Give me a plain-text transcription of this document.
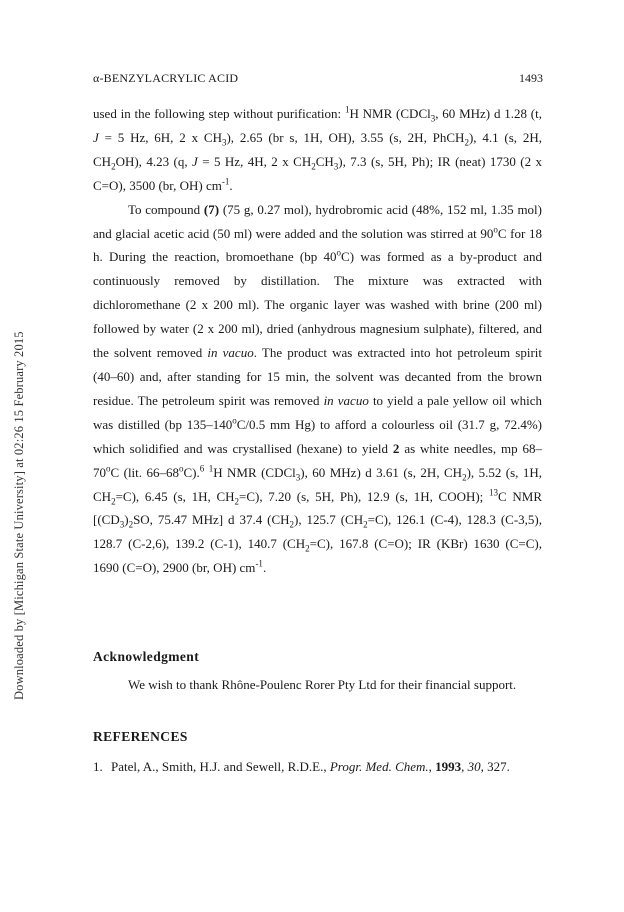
Downloaded by [Michigan State University] at 02:26 15 February 2015
α-BENZYLACRYLIC ACID	1493

used in the following step without purification: $^1$H NMR (CDCl$_3$, 60 MHz) d 1.28 (t, J = 5 Hz, 6H, 2 x $CH_3$), 2.65 (br s, 1H, OH), 3.55 (s, 2H, PhCH$_2$), 4.1 (s, 2H, $CH_2OH$), 4.23 (q, J = 5 Hz, 4H, 2 x $CH_2CH_3$), 7.3 (s, 5H, Ph); IR (neat) 1730 (2 x C=O), 3500 (br, OH) $cm^{-1}$.

To compound (7) (75 g, 0.27 mol), hydrobromic acid (48%, 152 ml, 1.35 mol) and glacial acetic acid (50 ml) were added and the solution was stirred at 90$^o$C for 18 h. During the reaction, bromoethane (bp 40$^o$C) was formed as a by-product and continuously removed by distillation. The mixture was extracted with dichloromethane (2 x 200 ml). The organic layer was washed with brine (200 ml) followed by water (2 x 200 ml), dried (anhydrous magnesium sulphate), filtered, and the solvent removed in vacuo. The product was extracted into hot petroleum spirit (40–60) and, after standing for 15 min, the solvent was decanted from the brown residue. The petroleum spirit was removed in vacuo to yield a pale yellow oil which was distilled (bp 135–140$^o$C/0.5 mm Hg) to afford a colourless oil (31.7 g, 72.4%) which solidified and was crystallised (hexane) to yield 2 as white needles, mp 68–70$^o$C (lit. 66–68$^o$C).$^6$ $^1$H NMR (CDCl$_3$), 60 MHz) d 3.61 (s, 2H, $CH_2$), 5.52 (s, 1H, $CH_2=C$), 6.45 (s, 1H, $CH_2=C$), 7.20 (s, 5H, Ph), 12.9 (s, 1H, COOH); $^{13}$C NMR [$(CD_3)_2SO$, 75.47 MHz] d 37.4 $(CH_2)$, 125.7 $(CH_2=C)$, 126.1 (C-4), 128.3 (C-3,5), 128.7 (C-2,6), 139.2 (C-1), 140.7 $(CH_2=C)$, 167.8 (C=O); IR (KBr) 1630 (C=C), 1690 (C=O), 2900 (br, OH) $cm^{-1}$.

Acknowledgment
We wish to thank Rhône-Poulenc Rorer Pty Ltd for their financial support.
REFERENCES
1. Patel, A., Smith, H.J. and Sewell, R.D.E., Progr. Med. Chem., 1993, 30, 327.
